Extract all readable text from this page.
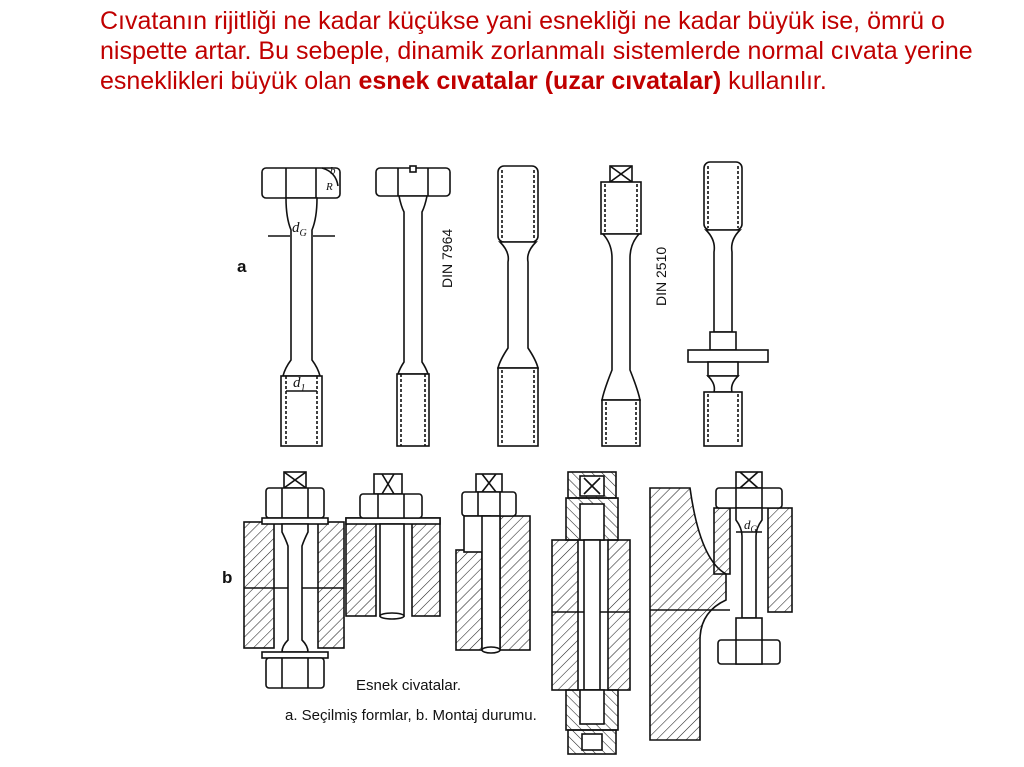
Cıvatanın rijitliği ne kadar küçükse yani esnekliği ne kadar büyük ise, ömrü o nispette artar. Bu sebeple, dinamik zorlanmalı sistemlerde normal cıvata yerine esneklikleri büyük olan esnek cıvatalar (uzar cıvatalar) kullanılır.
a
b
DIN 7964	DIN 2510
$d_G$
$d_1$
b
R
$d_G$
Esnek civatalar.
a. Seçilmiş formlar, b. Montaj durumu.
